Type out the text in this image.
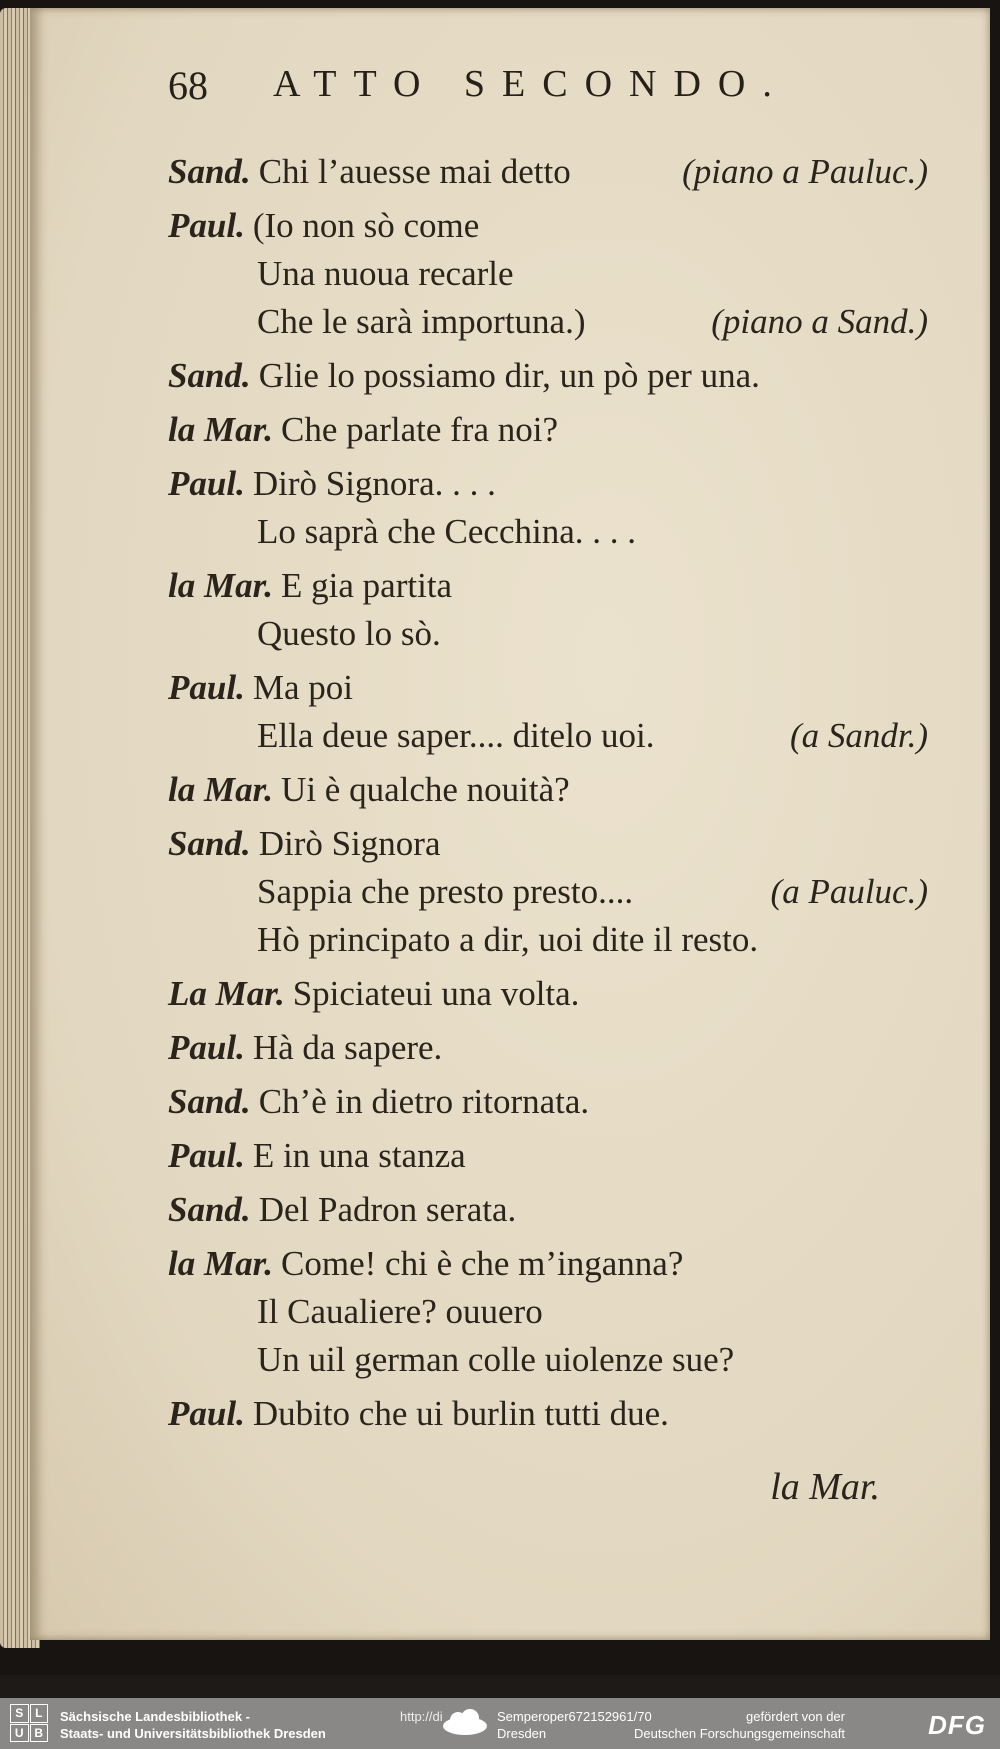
68 ATTO SECONDO.
Sand. Chi l’auesse mai detto	(piano a Pauluc.)
Paul. (Io non sò come
Una nuoua recarle
Che le sarà importuna.)	(piano a Sand.)
Sand. Glie lo possiamo dir, un pò per una.
la Mar. Che parlate fra noi?
Paul. Dirò Signora. . . .
Lo saprà che Cecchina. . . .
la Mar. E gia partita
Questo lo sò.
Paul. Ma poi
Ella deue saper.... ditelo uoi.	(a Sandr.)
la Mar. Ui è qualche nouità?
Sand. Dirò Signora
Sappia che presto presto....	(a Pauluc.)
Hò principato a dir, uoi dite il resto.
La Mar. Spiciateui una volta.
Paul. Hà da sapere.
Sand. Ch’è in dietro ritornata.
Paul. E in una stanza
Sand. Del Padron serata.
la Mar. Come! chi è che m’inganna?
Il Caualiere? ouuero
Un uil german colle uiolenze sue?
Paul. Dubito che ui burlin tutti due.
la Mar.
S L
U B
Sächsische Landesbibliothek -
Staats- und Universitätsbibliothek Dresden
http://di	Semperoper672152961/70
Dresden
gefördert von der
Deutschen Forschungsgemeinschaft	DFG
